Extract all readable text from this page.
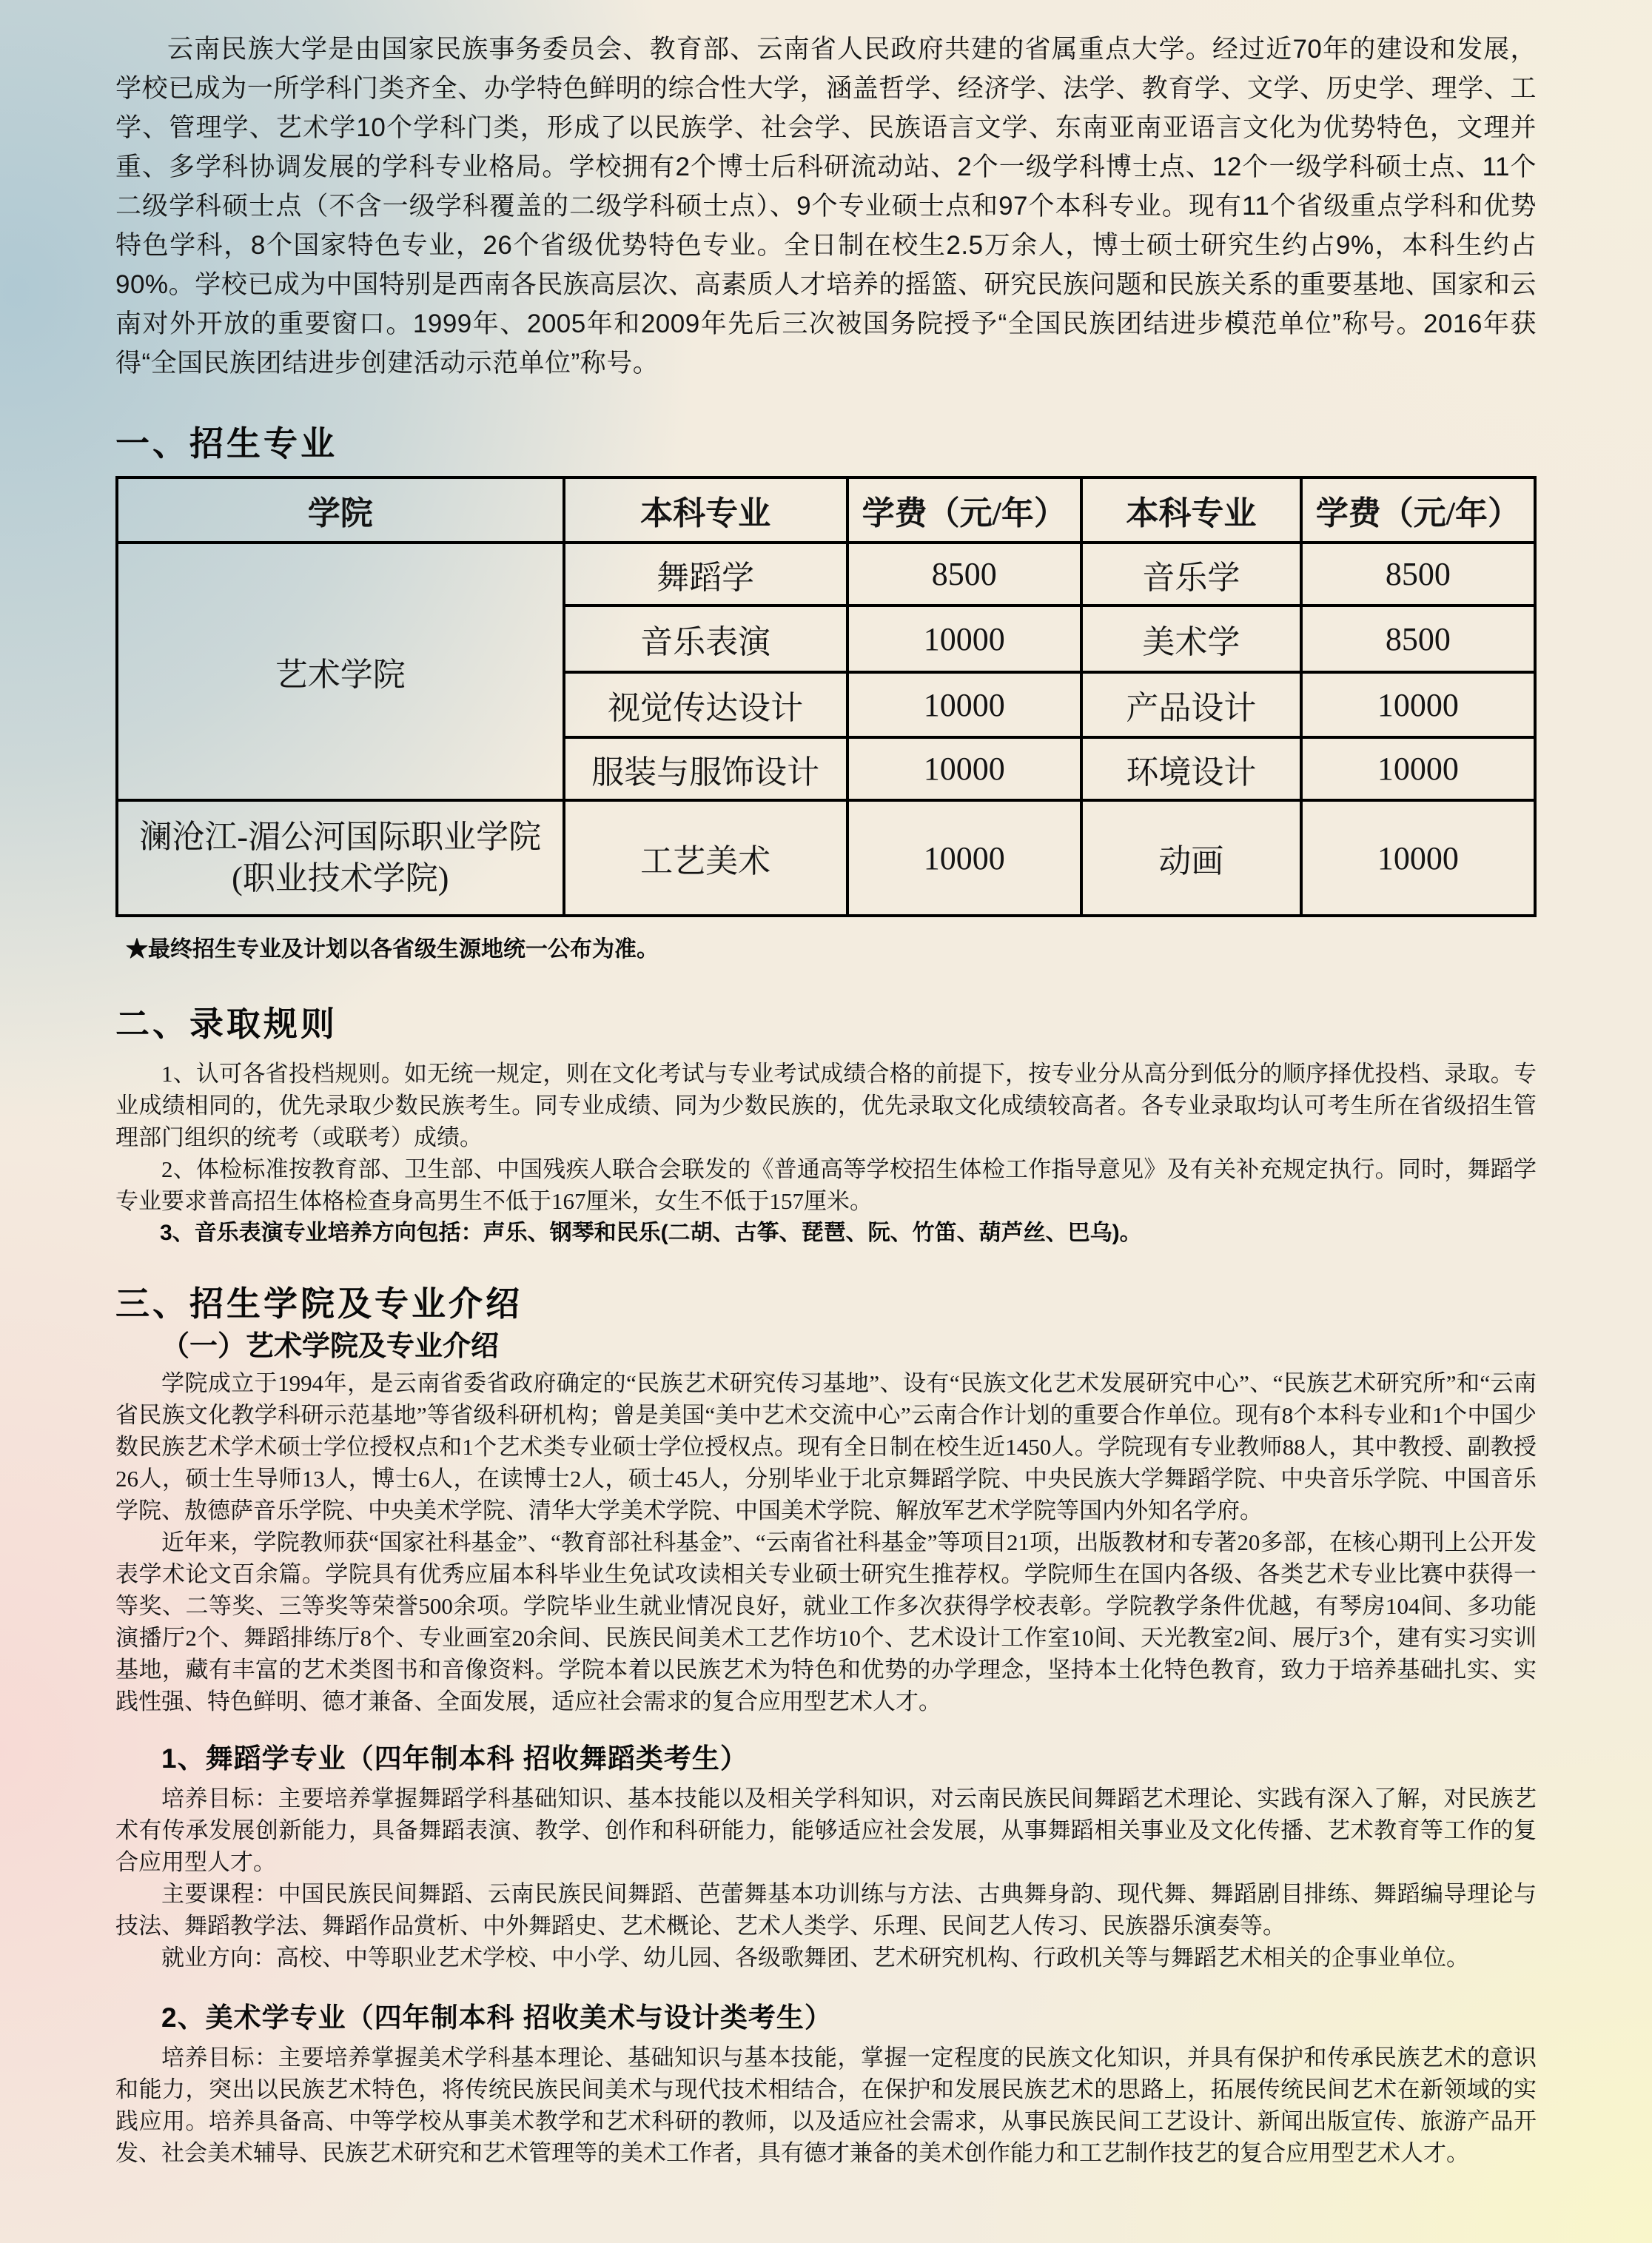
云南民族大学是由国家民族事务委员会、教育部、云南省人民政府共建的省属重点大学。经过近70年的建设和发展，学校已成为一所学科门类齐全、办学特色鲜明的综合性大学，涵盖哲学、经济学、法学、教育学、文学、历史学、理学、工学、管理学、艺术学10个学科门类，形成了以民族学、社会学、民族语言文学、东南亚南亚语言文化为优势特色，文理并重、多学科协调发展的学科专业格局。学校拥有2个博士后科研流动站、2个一级学科博士点、12个一级学科硕士点、11个二级学科硕士点（不含一级学科覆盖的二级学科硕士点）、9个专业硕士点和97个本科专业。现有11个省级重点学科和优势特色学科，8个国家特色专业，26个省级优势特色专业。全日制在校生2.5万余人，博士硕士研究生约占9%，本科生约占90%。学校已成为中国特别是西南各民族高层次、高素质人才培养的摇篮、研究民族问题和民族关系的重要基地、国家和云南对外开放的重要窗口。1999年、2005年和2009年先后三次被国务院授予“全国民族团结进步模范单位”称号。2016年获得“全国民族团结进步创建活动示范单位”称号。

一、招生专业
学院	本科专业	学费（元/年）	本科专业	学费（元/年）
艺术学院	舞蹈学	8500	音乐学	8500
	音乐表演	10000	美术学	8500
	视觉传达设计	10000	产品设计	10000
	服装与服饰设计	10000	环境设计	10000

澜沧江-湄公河国际职业学院
(职业技术学院)	工艺美术	10000	动画	10000

★最终招生专业及计划以各省级生源地统一公布为准。

二、录取规则

1、认可各省投档规则。如无统一规定，则在文化考试与专业考试成绩合格的前提下，按专业分从高分到低分的顺序择优投档、录取。专业成绩相同的，优先录取少数民族考生。同专业成绩、同为少数民族的，优先录取文化成绩较高者。各专业录取均认可考生所在省级招生管理部门组织的统考（或联考）成绩。

2、体检标准按教育部、卫生部、中国残疾人联合会联发的《普通高等学校招生体检工作指导意见》及有关补充规定执行。同时，舞蹈学专业要求普高招生体格检查身高男生不低于167厘米，女生不低于157厘米。

3、音乐表演专业培养方向包括：声乐、钢琴和民乐(二胡、古筝、琵琶、阮、竹笛、葫芦丝、巴乌)。

三、招生学院及专业介绍
（一）艺术学院及专业介绍

学院成立于1994年，是云南省委省政府确定的“民族艺术研究传习基地”、设有“民族文化艺术发展研究中心”、“民族艺术研究所”和“云南省民族文化教学科研示范基地”等省级科研机构；曾是美国“美中艺术交流中心”云南合作计划的重要合作单位。现有8个本科专业和1个中国少数民族艺术学术硕士学位授权点和1个艺术类专业硕士学位授权点。现有全日制在校生近1450人。学院现有专业教师88人，其中教授、副教授26人，硕士生导师13人，博士6人，在读博士2人，硕士45人，分别毕业于北京舞蹈学院、中央民族大学舞蹈学院、中央音乐学院、中国音乐学院、敖德萨音乐学院、中央美术学院、清华大学美术学院、中国美术学院、解放军艺术学院等国内外知名学府。

近年来，学院教师获“国家社科基金”、“教育部社科基金”、“云南省社科基金”等项目21项，出版教材和专著20多部，在核心期刊上公开发表学术论文百余篇。学院具有优秀应届本科毕业生免试攻读相关专业硕士研究生推荐权。学院师生在国内各级、各类艺术专业比赛中获得一等奖、二等奖、三等奖等荣誉500余项。学院毕业生就业情况良好，就业工作多次获得学校表彰。学院教学条件优越，有琴房104间、多功能演播厅2个、舞蹈排练厅8个、专业画室20余间、民族民间美术工艺作坊10个、艺术设计工作室10间、天光教室2间、展厅3个，建有实习实训基地，藏有丰富的艺术类图书和音像资料。学院本着以民族艺术为特色和优势的办学理念，坚持本土化特色教育，致力于培养基础扎实、实践性强、特色鲜明、德才兼备、全面发展，适应社会需求的复合应用型艺术人才。

1、舞蹈学专业（四年制本科 招收舞蹈类考生）

培养目标：主要培养掌握舞蹈学科基础知识、基本技能以及相关学科知识，对云南民族民间舞蹈艺术理论、实践有深入了解，对民族艺术有传承发展创新能力，具备舞蹈表演、教学、创作和科研能力，能够适应社会发展，从事舞蹈相关事业及文化传播、艺术教育等工作的复合应用型人才。

主要课程：中国民族民间舞蹈、云南民族民间舞蹈、芭蕾舞基本功训练与方法、古典舞身韵、现代舞、舞蹈剧目排练、舞蹈编导理论与技法、舞蹈教学法、舞蹈作品赏析、中外舞蹈史、艺术概论、艺术人类学、乐理、民间艺人传习、民族器乐演奏等。

就业方向：高校、中等职业艺术学校、中小学、幼儿园、各级歌舞团、艺术研究机构、行政机关等与舞蹈艺术相关的企事业单位。

2、美术学专业（四年制本科 招收美术与设计类考生）

培养目标：主要培养掌握美术学科基本理论、基础知识与基本技能，掌握一定程度的民族文化知识，并具有保护和传承民族艺术的意识和能力，突出以民族艺术特色，将传统民族民间美术与现代技术相结合，在保护和发展民族艺术的思路上，拓展传统民间艺术在新领域的实践应用。培养具备高、中等学校从事美术教学和艺术科研的教师，以及适应社会需求，从事民族民间工艺设计、新闻出版宣传、旅游产品开发、社会美术辅导、民族艺术研究和艺术管理等的美术工作者，具有德才兼备的美术创作能力和工艺制作技艺的复合应用型艺术人才。
